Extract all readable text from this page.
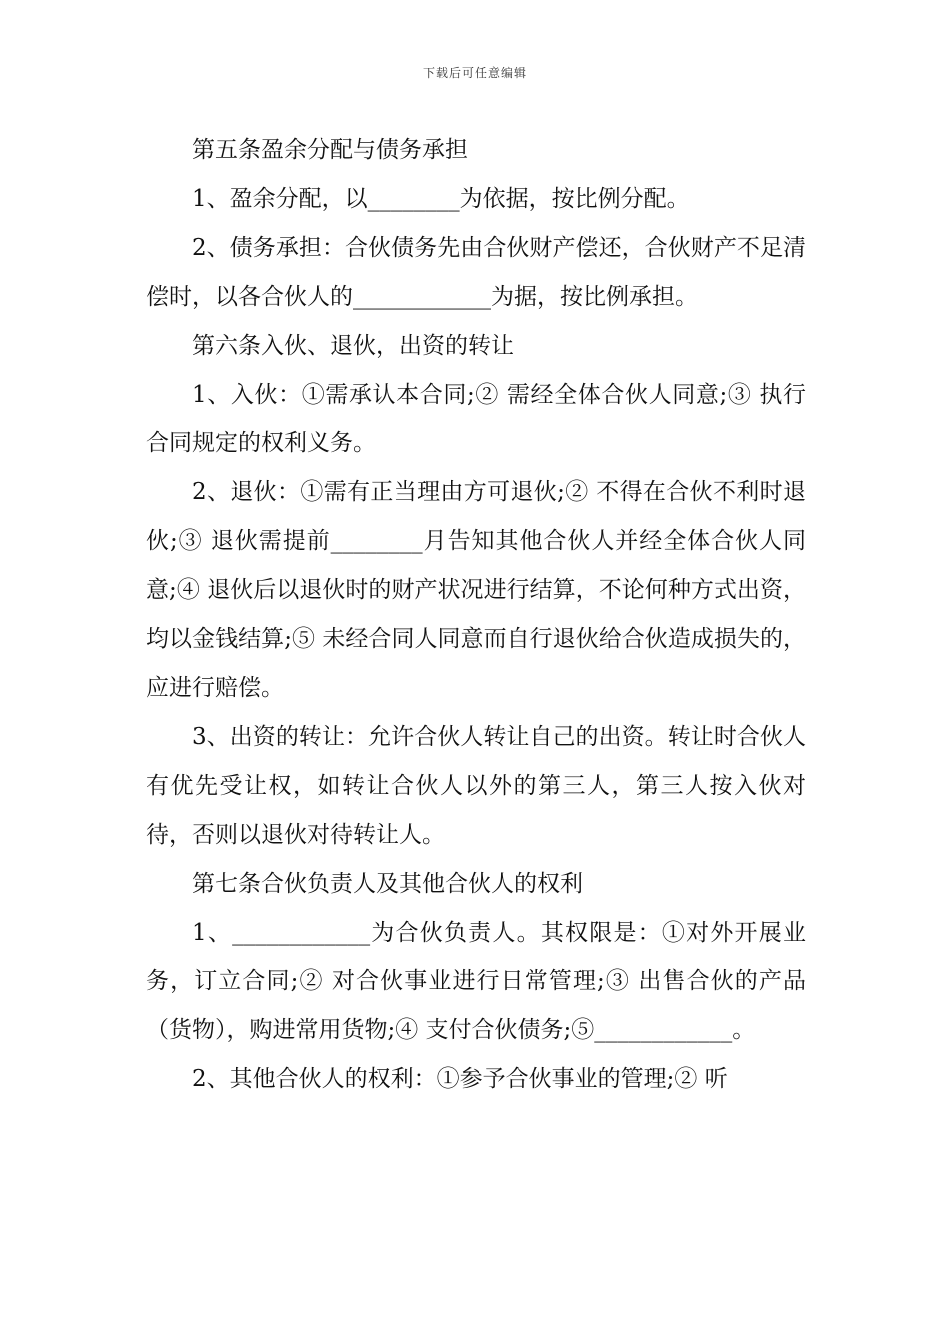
下载后可任意编辑

第五条盈余分配与债务承担

1、盈余分配，以________为依据，按比例分配。

2、债务承担：合伙债务先由合伙财产偿还，合伙财产不足清偿时，以各合伙人的____________为据，按比例承担。

第六条入伙、退伙，出资的转让

1、入伙：①需承认本合同;② 需经全体合伙人同意;③ 执行合同规定的权利义务。

2、退伙：①需有正当理由方可退伙;② 不得在合伙不利时退伙;③ 退伙需提前________月告知其他合伙人并经全体合伙人同意;④ 退伙后以退伙时的财产状况进行结算，不论何种方式出资，均以金钱结算;⑤ 未经合同人同意而自行退伙给合伙造成损失的，应进行赔偿。

3、出资的转让：允许合伙人转让自己的出资。转让时合伙人有优先受让权，如转让合伙人以外的第三人，第三人按入伙对待，否则以退伙对待转让人。

第七条合伙负责人及其他合伙人的权利

1、____________为合伙负责人。其权限是：①对外开展业务，订立合同;② 对合伙事业进行日常管理;③ 出售合伙的产品（货物），购进常用货物;④ 支付合伙债务;⑤____________。

2、其他合伙人的权利：①参予合伙事业的管理;② 听
